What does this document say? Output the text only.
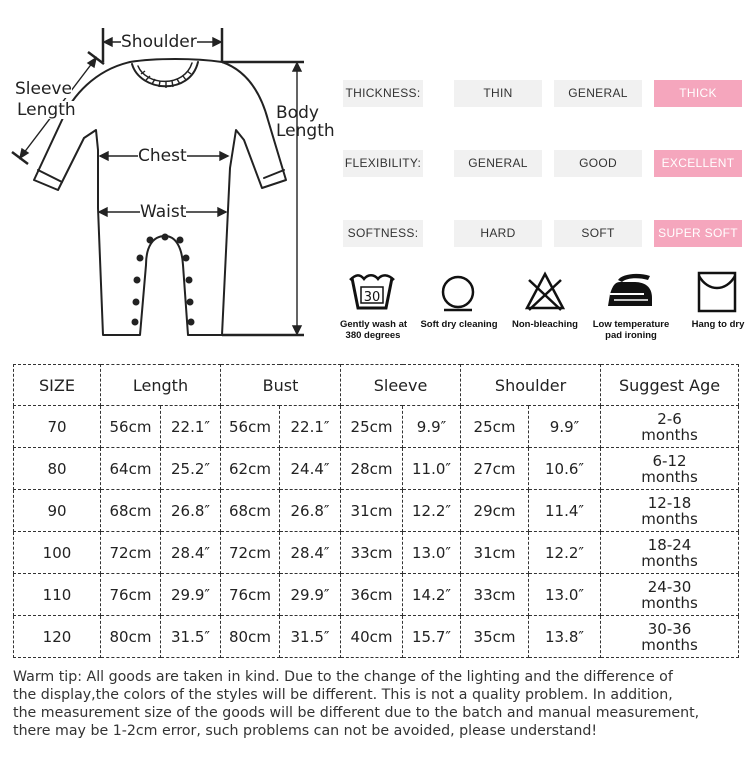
Shoulder
Sleeve
Length	Body
Length
Chest
Waist
THICKNESS:	THIN	GENERAL	THICK
FLEXIBILITY:	GENERAL	GOOD	EXCELLENT
SOFTNESS:	HARD	SOFT	SUPER SOFT
30
Gently wash at
380 degrees
Soft dry cleaning	Non-bleaching	Low temperature
pad ironing
Hang to dry
SIZE	Length		Bust		Sleeve		Shoulder		Suggest Age
70	56cm	22.1″	56cm	22.1″	25cm	9.9″	25cm	9.9″	2-6
months

80	64cm	25.2″	62cm	24.4″	28cm	11.0″	27cm	10.6″	6-12
months

90	68cm	26.8″	68cm	26.8″	31cm	12.2″	29cm	11.4″	12-18
months

100	72cm	28.4″	72cm	28.4″	33cm	13.0″	31cm	12.2″	18-24
months

110	76cm	29.9″	76cm	29.9″	36cm	14.2″	33cm	13.0″	24-30
months

120	80cm	31.5″	80cm	31.5″	40cm	15.7″	35cm	13.8″	30-36
months
Warm tip: All goods are taken in kind. Due to the change of the lighting and the difference of
the display,the colors of the styles will be different. This is not a quality problem. In addition,
the measurement size of the goods will be different due to the batch and manual measurement,
there may be 1-2cm error, such problems can not be avoided, please understand!
